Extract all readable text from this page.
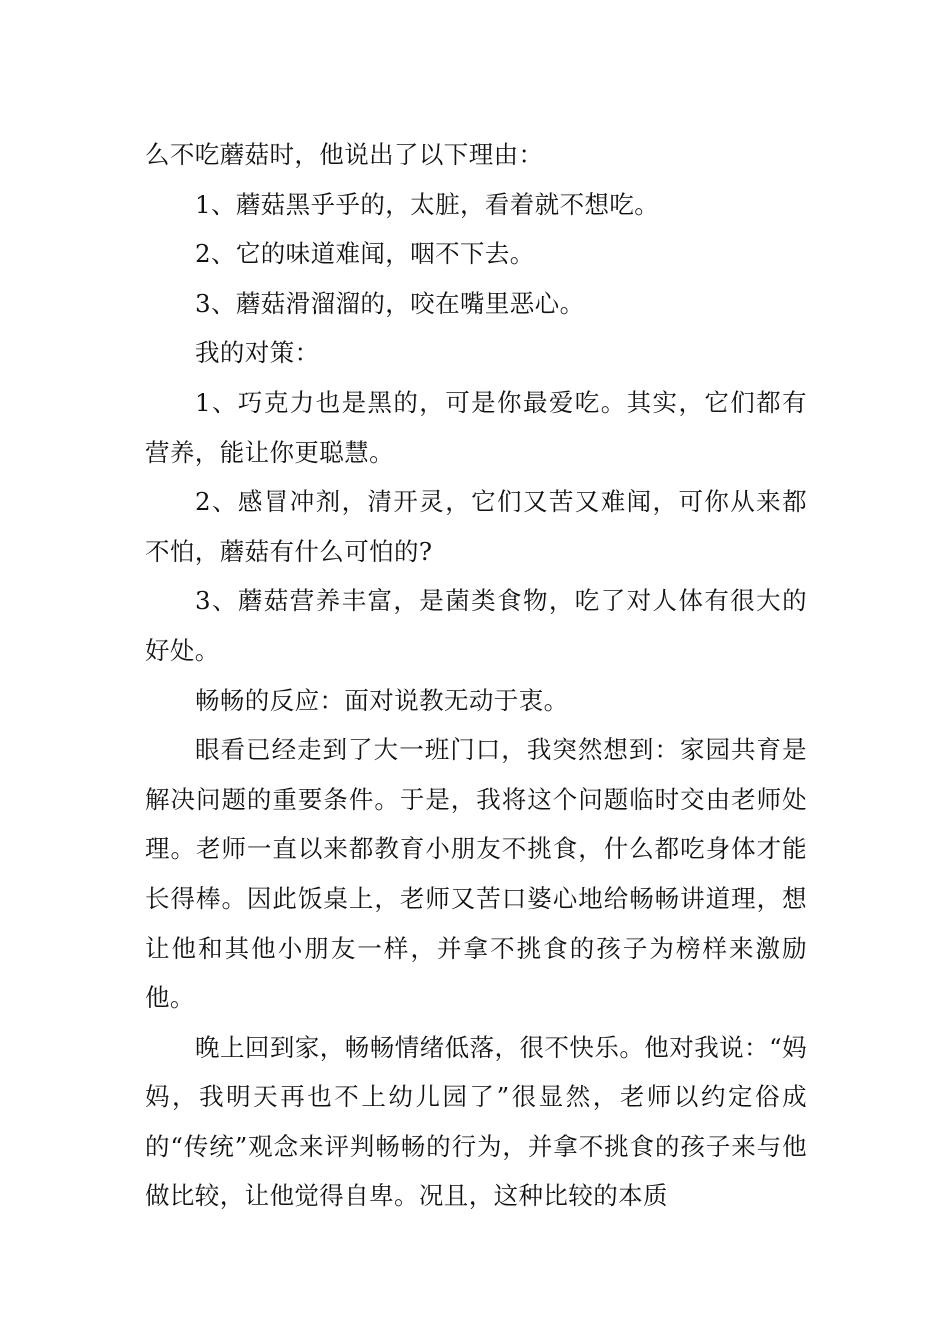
么不吃蘑菇时，他说出了以下理由：

1、蘑菇黑乎乎的，太脏，看着就不想吃。

2、它的味道难闻，咽不下去。

3、蘑菇滑溜溜的，咬在嘴里恶心。

我的对策：

1、巧克力也是黑的，可是你最爱吃。其实，它们都有营养，能让你更聪慧。

2、感冒冲剂，清开灵，它们又苦又难闻，可你从来都不怕，蘑菇有什么可怕的?

3、蘑菇营养丰富，是菌类食物，吃了对人体有很大的好处。

畅畅的反应：面对说教无动于衷。

眼看已经走到了大一班门口，我突然想到：家园共育是解决问题的重要条件。于是，我将这个问题临时交由老师处理。老师一直以来都教育小朋友不挑食，什么都吃身体才能长得棒。因此饭桌上，老师又苦口婆心地给畅畅讲道理，想让他和其他小朋友一样，并拿不挑食的孩子为榜样来激励他。

晚上回到家，畅畅情绪低落，很不快乐。他对我说：“妈妈，我明天再也不上幼儿园了”很显然，老师以约定俗成的“传统”观念来评判畅畅的行为，并拿不挑食的孩子来与他做比较，让他觉得自卑。况且，这种比较的本质
